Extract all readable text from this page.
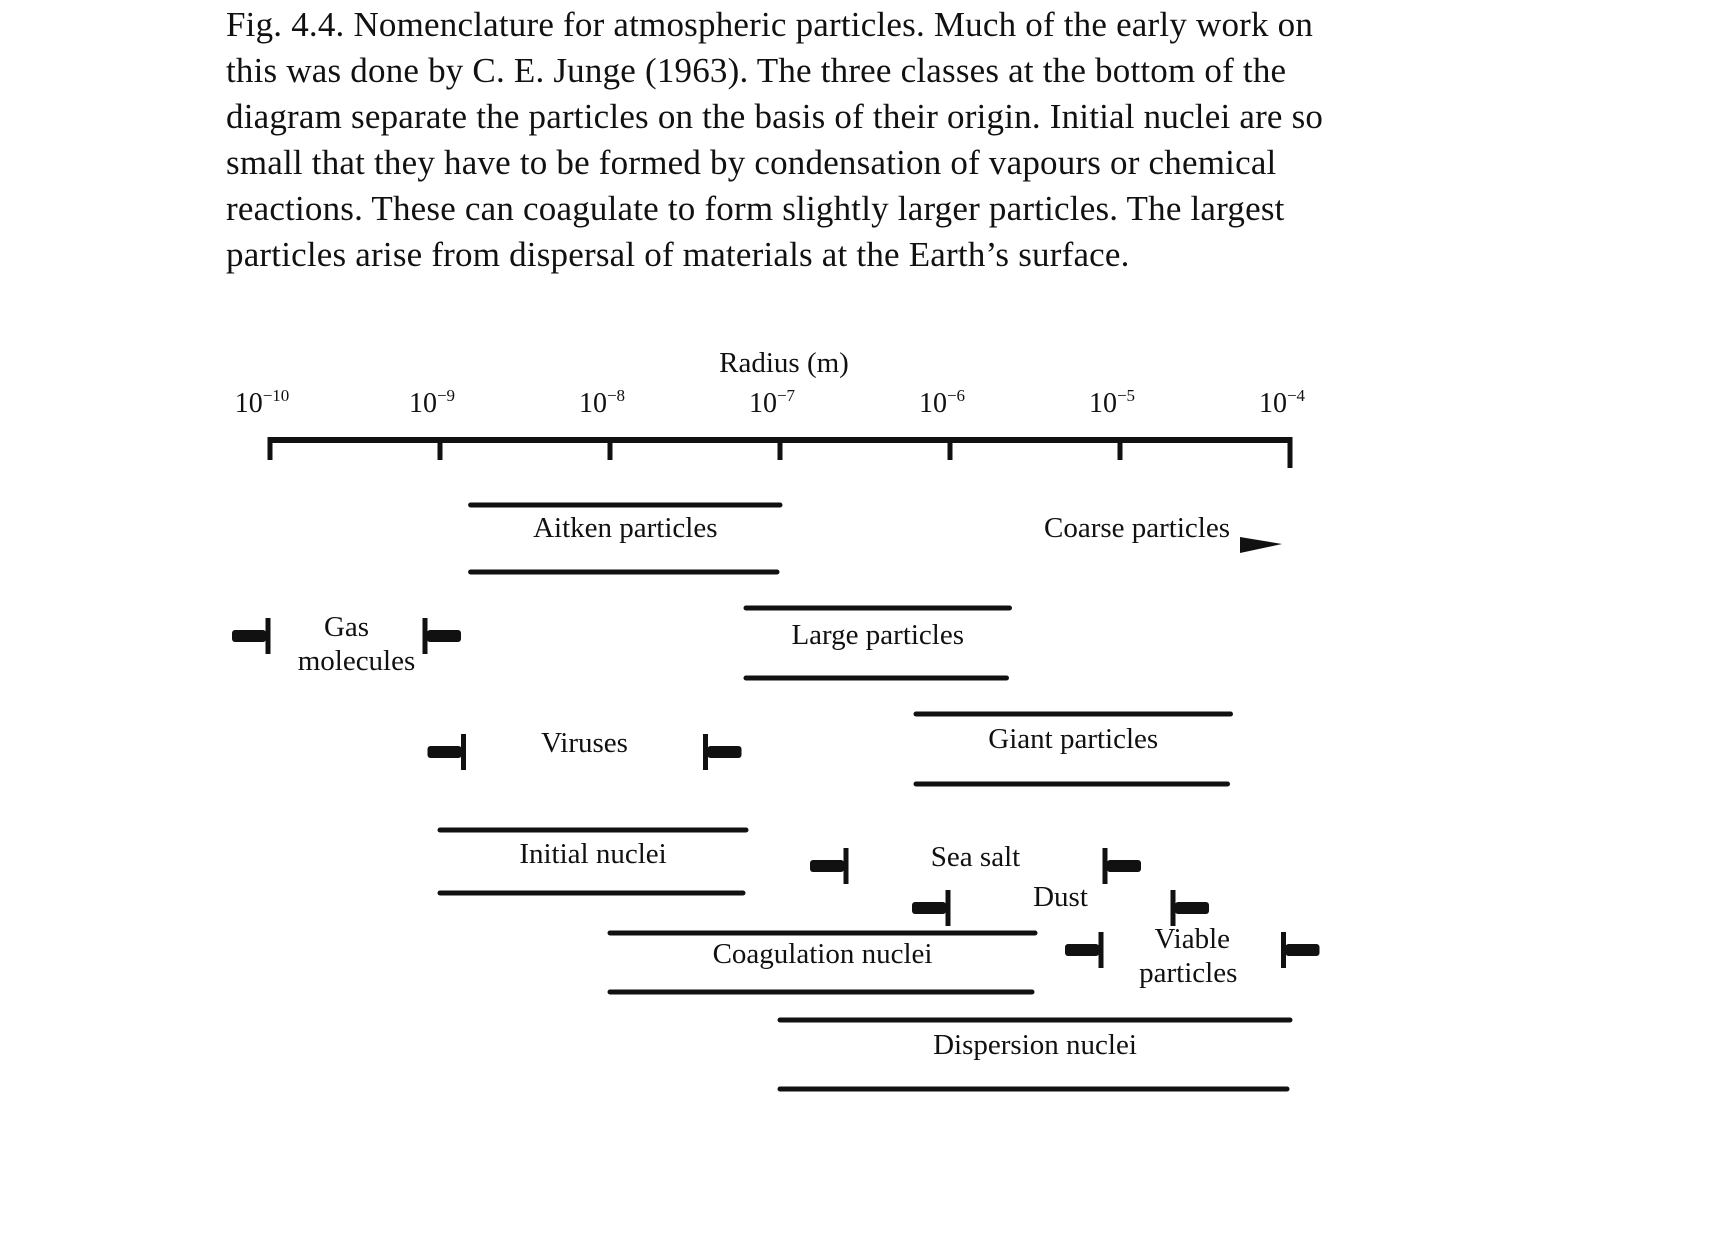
Fig. 4.4. Nomenclature for atmospheric particles. Much of the early work on
this was done by C. E. Junge (1963). The three classes at the bottom of the
diagram separate the particles on the basis of their origin. Initial nuclei are so
small that they have to be formed by condensation of vapours or chemical
reactions. These can coagulate to form slightly larger particles. The largest
particles arise from dispersal of materials at the Earth’s surface.
Radius (m)
$10^{-10}$	$10^{-9}$	$10^{-8}$	$10^{-7}$	$10^{-6}$	$10^{-5}$	$10^{-4}$
Aitken particles	Coarse particles
Gas
molecules
Large particles
Viruses	Giant particles
Initial nuclei	Sea salt
Dust
Coagulation nuclei	Viable
particles
Dispersion nuclei
